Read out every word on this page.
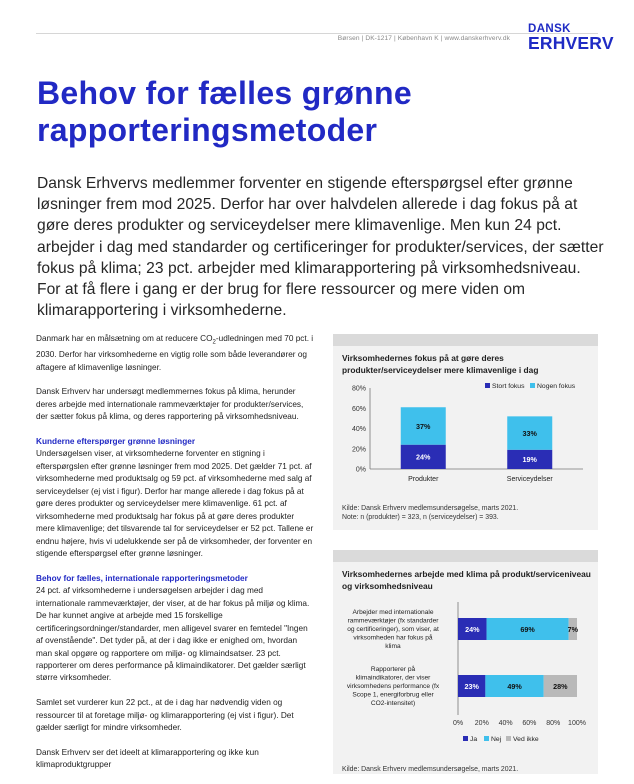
Børsen | DK-1217 | København K | www.danskerhverv.dk
DANSK
ERHVERV
Behov for fælles grønne rapporteringsmetoder
Dansk Erhvervs medlemmer forventer en stigende efterspørgsel efter grønne løsninger frem mod 2025. Derfor har over halvdelen allerede i dag fokus på at gøre deres produkter og serviceydelser mere klimavenlige. Men kun 24 pct. arbejder i dag med standarder og certificeringer for produkter/services, der sætter fokus på klima; 23 pct. arbejder med klimarapportering på virksomhedsniveau. For at få flere i gang er der brug for flere ressourcer og mere viden om klimarapportering i virksomhederne.

Danmark har en målsætning om at reducere $CO_2$-udledningen med 70 pct. i 2030. Derfor har virksomhederne en vigtig rolle som både leverandører og aftagere af klimavenlige løsninger.

Dansk Erhverv har undersøgt medlemmernes fokus på klima, herunder deres arbejde med internationale rammeværktøjer for produkter/services, der sætter fokus på klima, og deres rapportering på virksomhedsniveau.

Kunderne efterspørger grønne løsninger

Undersøgelsen viser, at virksomhederne forventer en stigning i efterspørgslen efter grønne løsninger frem mod 2025. Det gælder 71 pct. af virksomhederne med produktsalg og 59 pct. af virksomhederne med salg af serviceydelser (ej vist i figur). Derfor har mange allerede i dag fokus på at gøre deres produkter og serviceydelser mere klimavenlige. 61 pct. af virksomhederne med produktsalg har fokus på at gøre deres produkter mere klimavenlige; det tilsvarende tal for serviceydelser er 52 pct. Tallene er endnu højere, hvis vi udelukkende ser på de virksomheder, der forventer en stigende efterspørgsel efter grønne løsninger.

Behov for fælles, internationale rapporteringsmetoder

24 pct. af virksomhederne i undersøgelsen arbejder i dag med internationale rammeværktøjer, der viser, at de har fokus på miljø og klima. De har kunnet angive at arbejde med 15 forskellige certificeringsordninger/standarder, men alligevel svarer en femtedel "Ingen af ovenstående". Det tyder på, at der i dag ikke er enighed om, hvordan man skal opgøre og rapportere om miljø- og klimaindsatser. 23 pct. rapporterer om deres performance på klimaindikatorer. Det gælder særligt større virksomheder.

Samlet set vurderer kun 22 pct., at de i dag har nødvendig viden og ressourcer til at foretage miljø- og klimarapportering (ej vist i figur). Det gælder særligt for mindre virksomheder.

Dansk Erhverv ser det ideelt at klimarapportering og ikke kun klimaproduktgrupper

Virksomhedernes fokus på at gøre deres produkter/serviceydelser mere klimavenlige i dag
0%
20%
40%
60%
80%
24%
37%
Produkter
19%
33%
Serviceydelser
Stort fokus Nogen fokus
Kilde: Dansk Erhverv medlemsundersøgelse, marts 2021.
Note: n (produkter) = 323, n (serviceydelser) = 393.
Virksomhedernes arbejde med klima på produkt/serviceniveau og virksomhedsniveau
0% 20% 40% 60% 80% 100%
Arbejder med internationale rammeværktøjer (fx standarder og certificeringer), som viser, at virksomheden har fokus på klima
24%	69%	7%
Rapporterer på klimaindikatorer, der viser virksomhedens performance (fx Scope 1, energiforbrug eller CO2-intensitet)
23%	49%	28%
Ja Nej Ved ikke
Kilde: Dansk Erhverv medlemsundersøgelse, marts 2021.
